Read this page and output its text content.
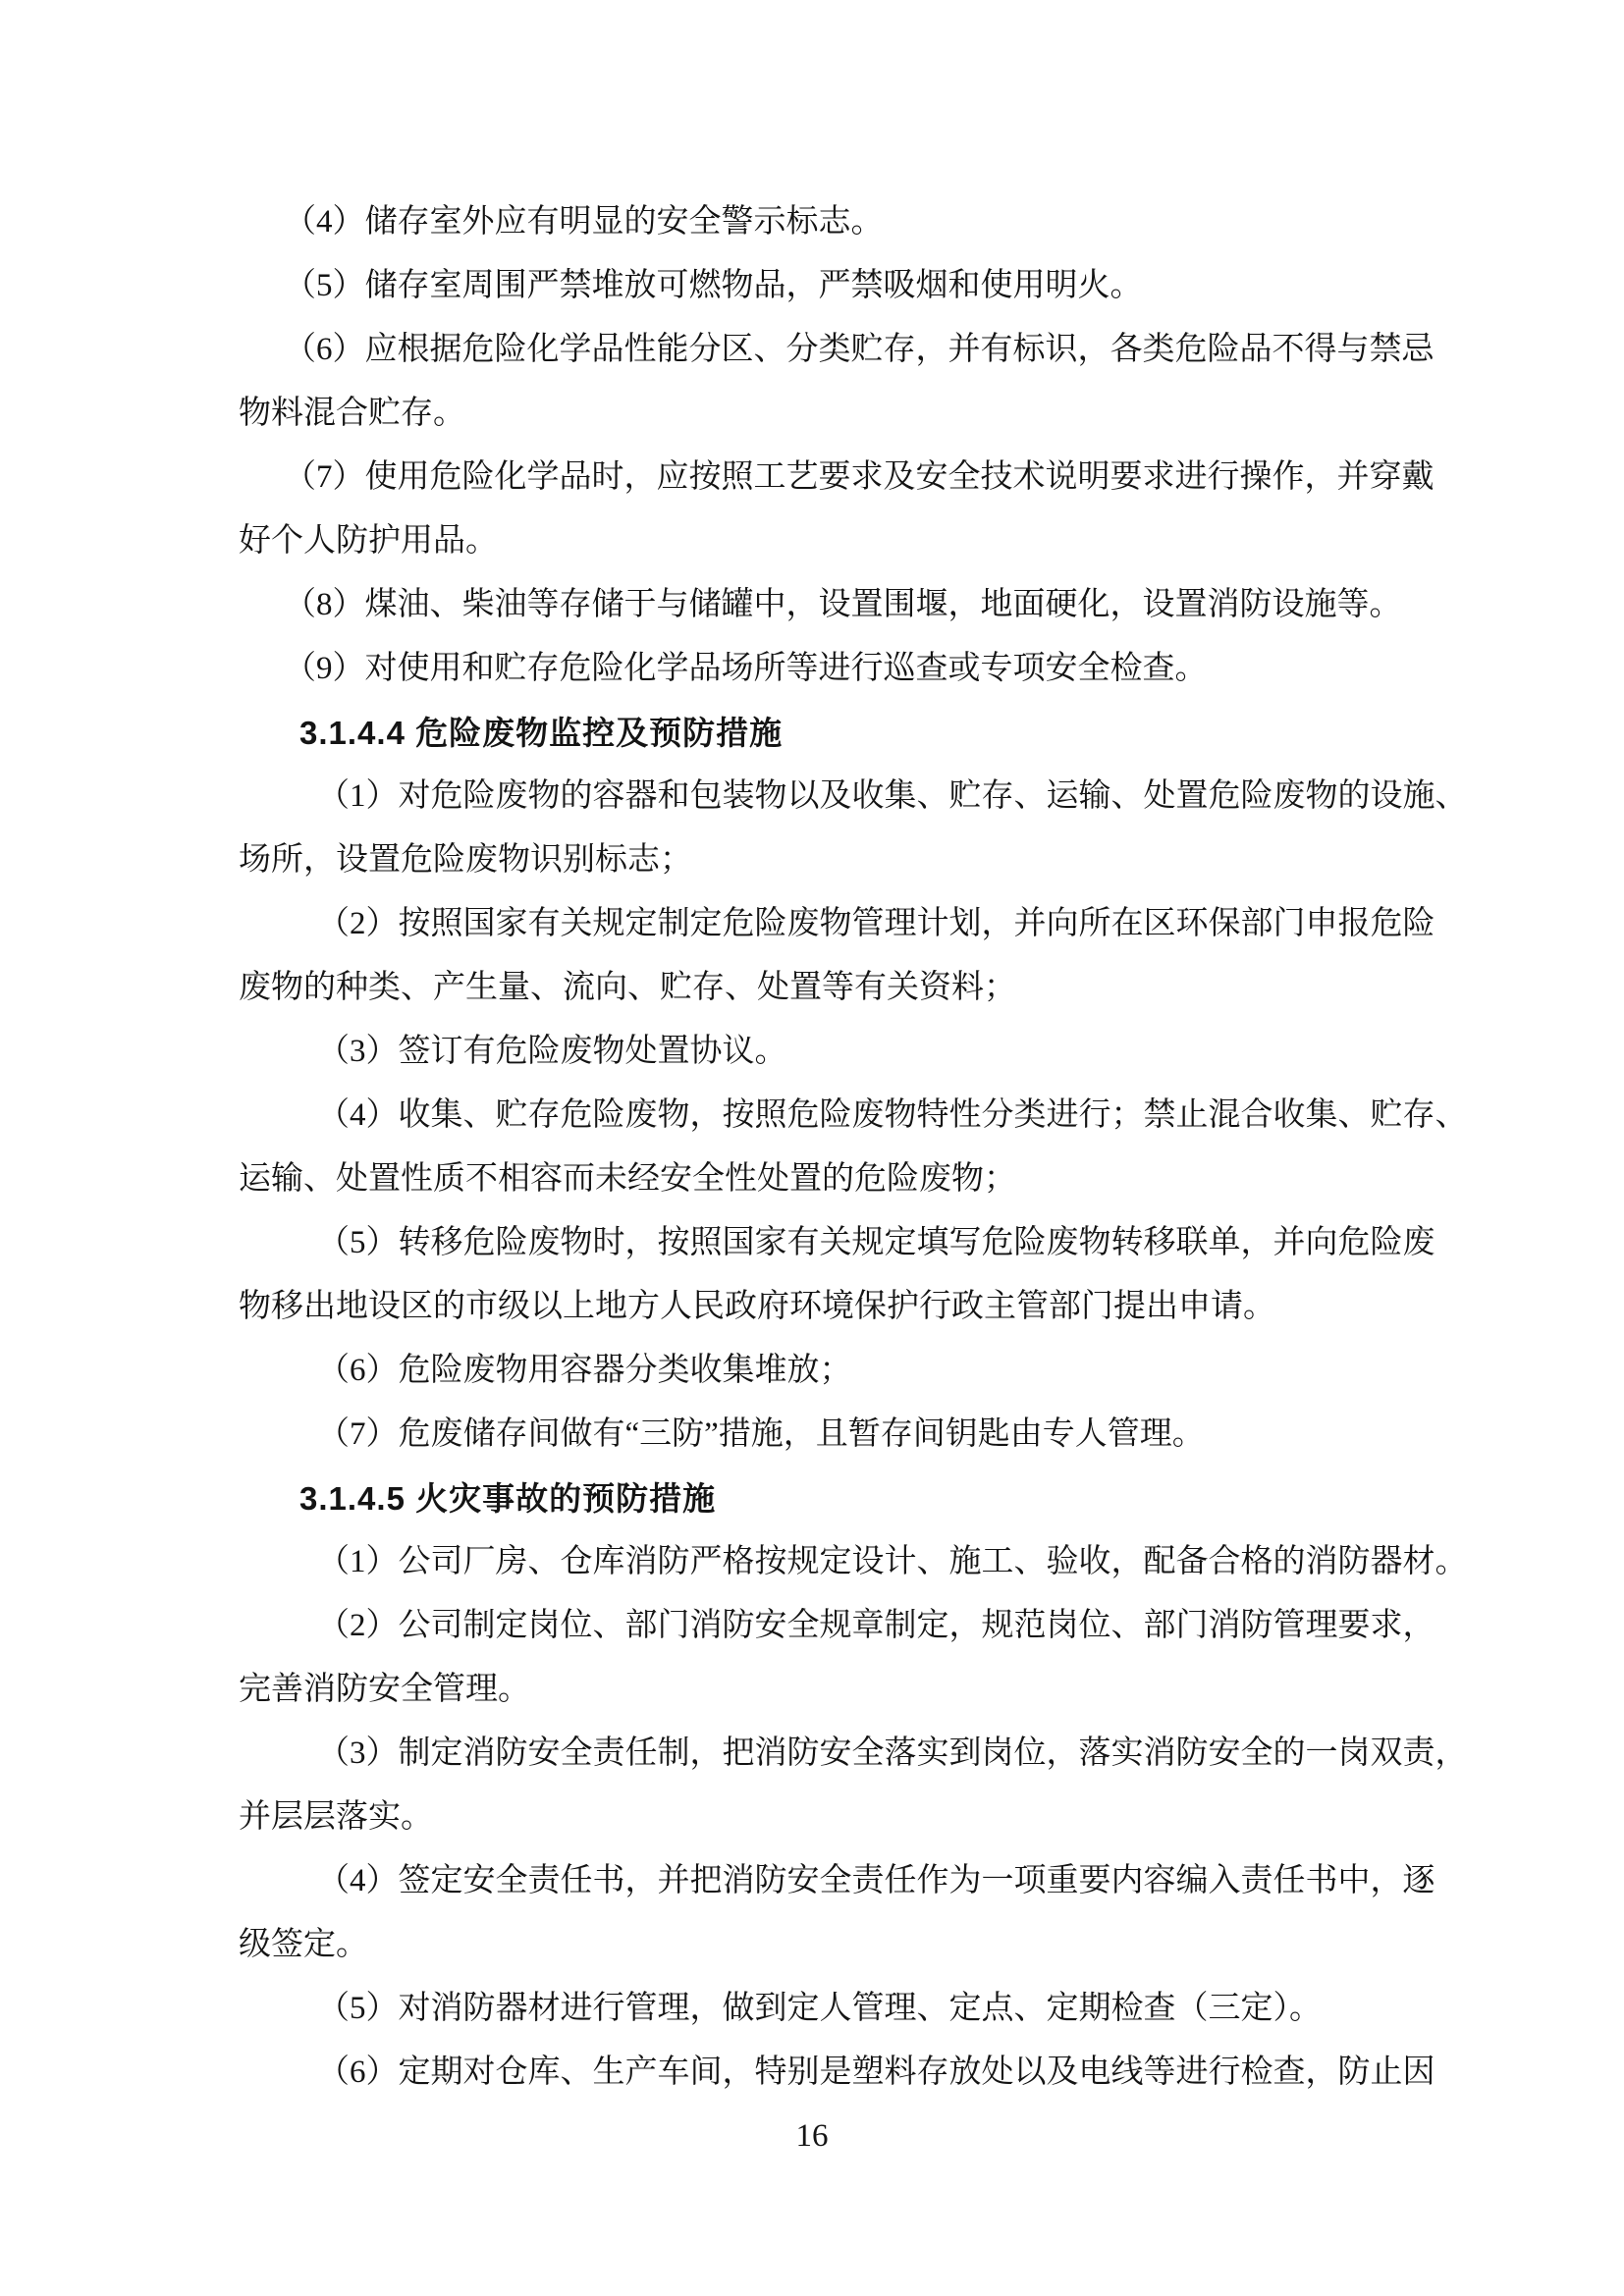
（4）储存室外应有明显的安全警示标志。
（5）储存室周围严禁堆放可燃物品，严禁吸烟和使用明火。
（6）应根据危险化学品性能分区、分类贮存，并有标识，各类危险品不得与禁忌
物料混合贮存。
（7）使用危险化学品时，应按照工艺要求及安全技术说明要求进行操作，并穿戴
好个人防护用品。
（8）煤油、柴油等存储于与储罐中，设置围堰，地面硬化，设置消防设施等。
（9）对使用和贮存危险化学品场所等进行巡查或专项安全检查。
3.1.4.4 危险废物监控及预防措施
（1）对危险废物的容器和包装物以及收集、贮存、运输、处置危险废物的设施、
场所，设置危险废物识别标志；
（2）按照国家有关规定制定危险废物管理计划，并向所在区环保部门申报危险
废物的种类、产生量、流向、贮存、处置等有关资料；
（3）签订有危险废物处置协议。
（4）收集、贮存危险废物，按照危险废物特性分类进行；禁止混合收集、贮存、
运输、处置性质不相容而未经安全性处置的危险废物；
（5）转移危险废物时，按照国家有关规定填写危险废物转移联单，并向危险废
物移出地设区的市级以上地方人民政府环境保护行政主管部门提出申请。
（6）危险废物用容器分类收集堆放；
（7）危废储存间做有“三防”措施，且暂存间钥匙由专人管理。
3.1.4.5 火灾事故的预防措施
（1）公司厂房、仓库消防严格按规定设计、施工、验收，配备合格的消防器材。
（2）公司制定岗位、部门消防安全规章制定，规范岗位、部门消防管理要求，
完善消防安全管理。
（3）制定消防安全责任制，把消防安全落实到岗位，落实消防安全的一岗双责，
并层层落实。
（4）签定安全责任书，并把消防安全责任作为一项重要内容编入责任书中，逐
级签定。
（5）对消防器材进行管理，做到定人管理、定点、定期检查（三定）。
（6）定期对仓库、生产车间，特别是塑料存放处以及电线等进行检查，防止因
16
